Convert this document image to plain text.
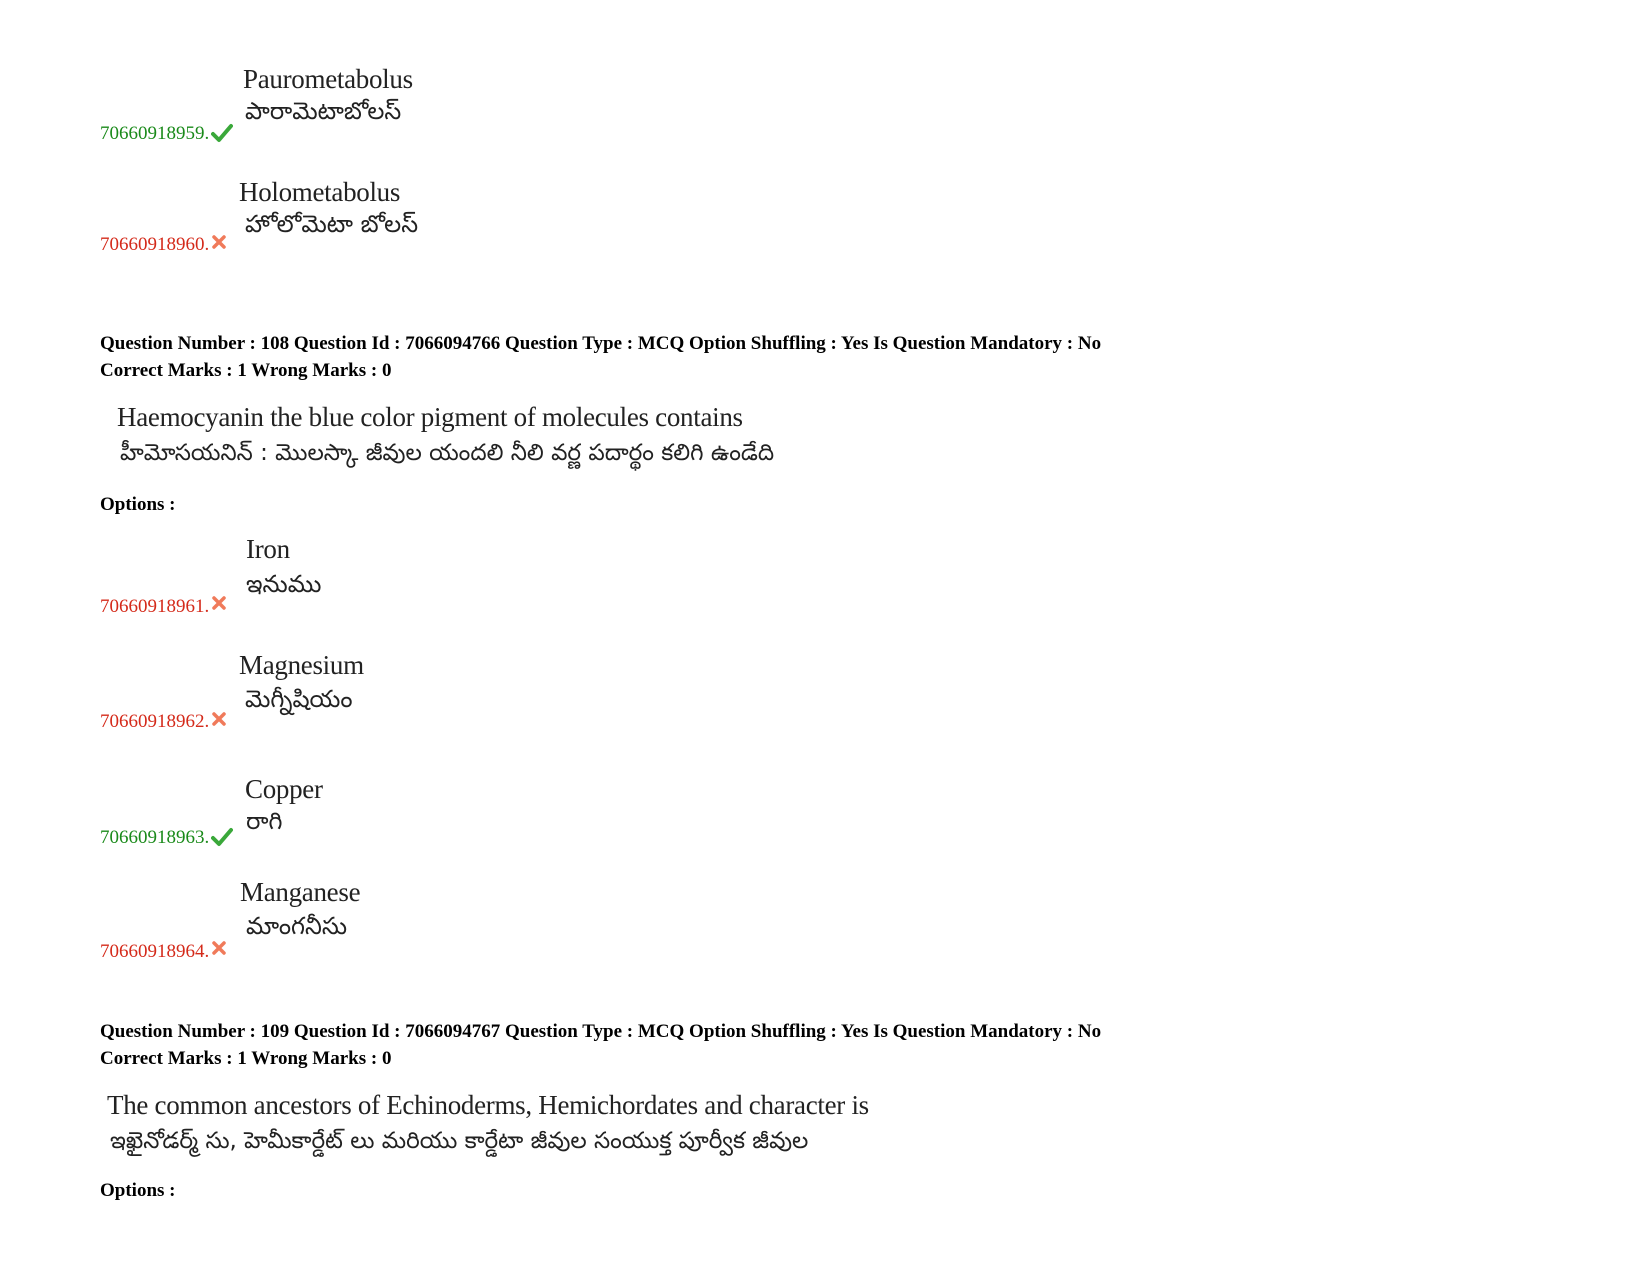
Paurometabolus
పారామెటాబోలస్
70660918959.
Holometabolus
హోలోమెటా బోలస్
70660918960.
Question Number : 108 Question Id : 7066094766 Question Type : MCQ Option Shuffling : Yes Is Question Mandatory : No
Correct Marks : 1 Wrong Marks : 0
Haemocyanin the blue color pigment of molecules contains
హీమోసయనిన్ : మొలస్కా జీవుల యందలి నీలి వర్ణ పదార్థం కలిగి ఉండేది
Options :
Iron
ఇనుము
70660918961.
Magnesium
మెగ్నీషియం
70660918962.
Copper
రాగి
70660918963.
Manganese
మాంగనీసు
70660918964.
Question Number : 109 Question Id : 7066094767 Question Type : MCQ Option Shuffling : Yes Is Question Mandatory : No
Correct Marks : 1 Wrong Marks : 0
The common ancestors of Echinoderms, Hemichordates and character is
ఇఖైనోడర్మ్ సు, హెమీకార్డేట్ లు మరియు కార్డేటా జీవుల సంయుక్త పూర్వీక జీవుల
Options :
